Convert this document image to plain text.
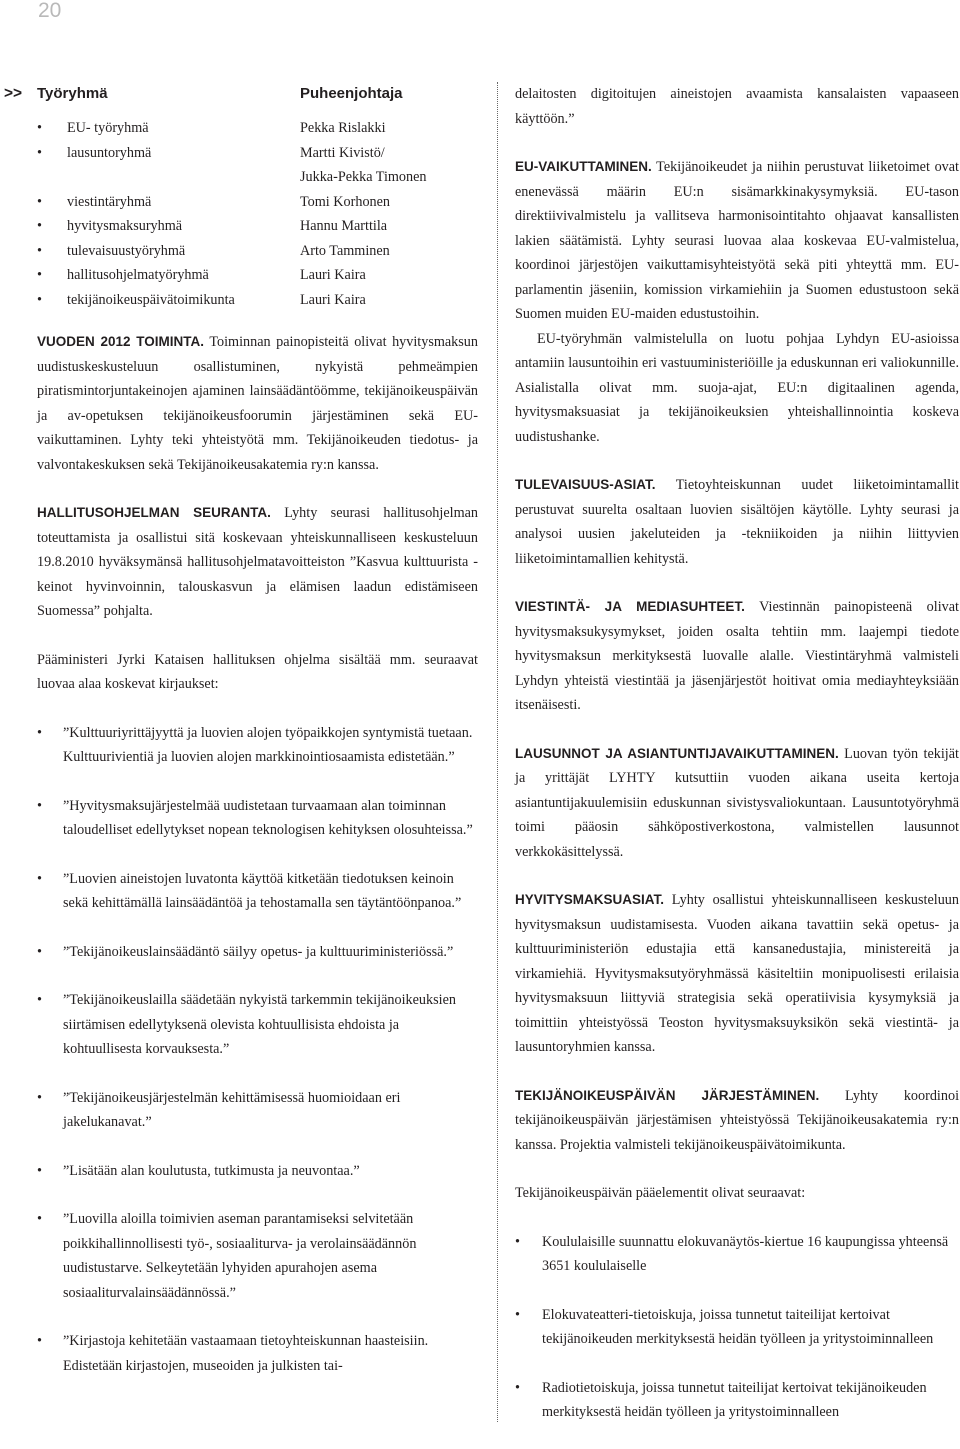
20
>> Työryhmä	Puheenjohtaja
• EU- työryhmä	Pekka Rislakki
• lausuntoryhmä	Martti Kivistö/
Jukka-Pekka Timonen
• viestintäryhmä	Tomi Korhonen
• hyvitysmaksuryhmä	Hannu Marttila
• tulevaisuustyöryhmä	Arto Tamminen
• hallitusohjelmatyöryhmä	Lauri Kaira
• tekijänoikeuspäivätoimikunta	Lauri Kaira

VUODEN 2012 TOIMINTA. Toiminnan painopisteitä olivat hyvitysmaksun uudistuskeskusteluun osallistuminen, nykyistä pehmeämpien piratismintorjuntakeinojen ajaminen lainsäädäntöömme, tekijänoikeuspäivän ja av-opetuksen tekijänoikeusfoorumin järjestäminen sekä EU-vaikuttaminen. Lyhty teki yhteistyötä mm. Tekijänoikeuden tiedotus- ja valvontakeskuksen sekä Tekijänoikeusakatemia ry:n kanssa.

HALLITUSOHJELMAN SEURANTA. Lyhty seurasi hallitusohjelman toteuttamista ja osallistui sitä koskevaan yhteiskunnalliseen keskusteluun 19.8.2010 hyväksymänsä hallitusohjelmatavoitteiston ”Kasvua kulttuurista - keinot hyvinvoinnin, talouskasvun ja elämisen laadun edistämiseen Suomessa” pohjalta.

Pääministeri Jyrki Kataisen hallituksen ohjelma sisältää mm. seuraavat luovaa alaa koskevat kirjaukset:

• ”Kulttuuriyrittäjyyttä ja luovien alojen työpaikkojen syntymistä tuetaan. Kulttuurivientiä ja luovien alojen markkinointiosaamista edistetään.”
• ”Hyvitysmaksujärjestelmää uudistetaan turvaamaan alan toiminnan taloudelliset edellytykset nopean teknologisen kehityksen olosuhteissa.”
• ”Luovien aineistojen luvatonta käyttöä kitketään tiedotuksen keinoin sekä kehittämällä lainsäädäntöä ja tehostamalla sen täytäntöönpanoa.”
• ”Tekijänoikeuslainsäädäntö säilyy opetus- ja kulttuuriministeriössä.”
• ”Tekijänoikeuslailla säädetään nykyistä tarkemmin tekijänoikeuksien siirtämisen edellytyksenä olevista kohtuullisista ehdoista ja kohtuullisesta korvauksesta.”
• ”Tekijänoikeusjärjestelmän kehittämisessä huomioidaan eri jakelukanavat.”
• ”Lisätään alan koulutusta, tutkimusta ja neuvontaa.”
• ”Luovilla aloilla toimivien aseman parantamiseksi selvitetään poikkihallinnollisesti työ-, sosiaaliturva- ja verolainsäädännön uudistustarve. Selkeytetään lyhyiden apurahojen asema sosiaaliturvalainsäädännössä.”
• ”Kirjastoja kehitetään vastaamaan tietoyhteiskunnan haasteisiin. Edistetään kirjastojen, museoiden ja julkisten tai-

delaitosten digitoitujen aineistojen avaamista kansalaisten vapaaseen käyttöön.”

EU-VAIKUTTAMINEN. Tekijänoikeudet ja niihin perustuvat liiketoimet ovat enenevässä määrin EU:n sisämarkkinakysymyksiä. EU-tason direktiivivalmistelu ja vallitseva harmonisointitahto ohjaavat kansallisten lakien säätämistä. Lyhty seurasi luovaa alaa koskevaa EU-valmistelua, koordinoi järjestöjen vaikuttamisyhteistyötä sekä piti yhteyttä mm. EU-parlamentin jäseniin, komission virkamiehiin ja Suomen edustustoon sekä Suomen muiden EU-maiden edustustoihin.

EU-työryhmän valmistelulla on luotu pohjaa Lyhdyn EU-asioissa antamiin lausuntoihin eri vastuuministeriöille ja eduskunnan eri valiokunnille. Asialistalla olivat mm. suoja-ajat, EU:n digitaalinen agenda, hyvitysmaksuasiat ja tekijänoikeuksien yhteishallinnointia koskeva uudistushanke.

TULEVAISUUS-ASIAT. Tietoyhteiskunnan uudet liiketoimintamallit perustuvat suurelta osaltaan luovien sisältöjen käytölle. Lyhty seurasi ja analysoi uusien jakeluteiden ja -tekniikoiden ja niihin liittyvien liiketoimintamallien kehitystä.

VIESTINTÄ- JA MEDIASUHTEET. Viestinnän painopisteenä olivat hyvitysmaksukysymykset, joiden osalta tehtiin mm. laajempi tiedote hyvitysmaksun merkityksestä luovalle alalle. Viestintäryhmä valmisteli Lyhdyn yhteistä viestintää ja jäsenjärjestöt hoitivat omia mediayhteyksiään itsenäisesti.

LAUSUNNOT JA ASIANTUNTIJAVAIKUTTAMINEN. Luovan työn tekijät ja yrittäjät LYHTY kutsuttiin vuoden aikana useita kertoja asiantuntijakuulemisiin eduskunnan sivistysvaliokuntaan. Lausuntotyöryhmä toimi pääosin sähköpostiverkostona, valmistellen lausunnot verkkokäsittelyssä.

HYVITYSMAKSUASIAT. Lyhty osallistui yhteiskunnalliseen keskusteluun hyvitysmaksun uudistamisesta. Vuoden aikana tavattiin sekä opetus- ja kulttuuriministeriön edustajia että kansanedustajia, ministereitä ja virkamiehiä. Hyvitysmaksutyöryhmässä käsiteltiin monipuolisesti erilaisia hyvitysmaksuun liittyviä strategisia sekä operatiivisia kysymyksiä ja toimittiin yhteistyössä Teoston hyvitysmaksuyksikön sekä viestintä- ja lausuntoryhmien kanssa.

TEKIJÄNOIKEUSPÄIVÄN JÄRJESTÄMINEN. Lyhty koordinoi tekijänoikeuspäivän järjestämisen yhteistyössä Tekijänoikeusakatemia ry:n kanssa. Projektia valmisteli tekijänoikeuspäivätoimikunta.

Tekijänoikeuspäivän pääelementit olivat seuraavat:

• Koululaisille suunnattu elokuvanäytös-kiertue 16 kaupungissa yhteensä 3651 koululaiselle
• Elokuvateatteri-tietoiskuja, joissa tunnetut taiteilijat kertoivat tekijänoikeuden merkityksestä heidän työlleen ja yritystoiminnalleen
• Radiotietoiskuja, joissa tunnetut taiteilijat kertoivat tekijänoikeuden merkityksestä heidän työlleen ja yritystoiminnalleen
